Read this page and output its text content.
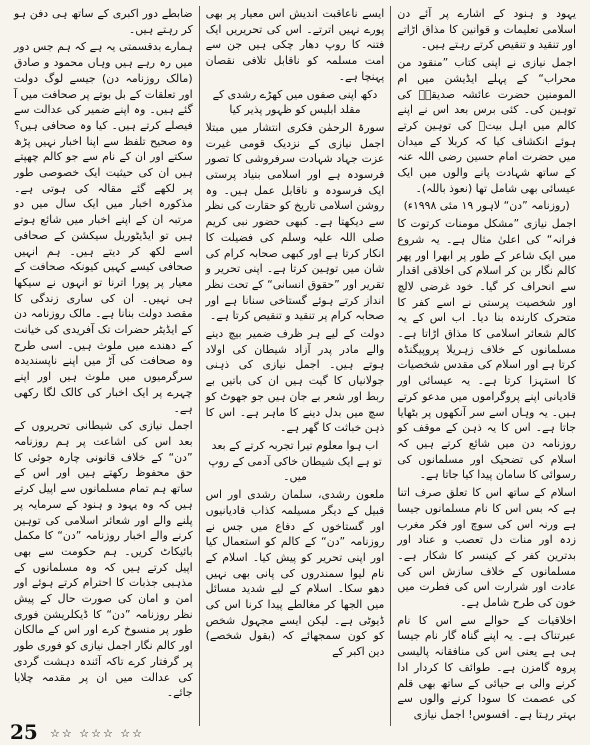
یہود و ہنود کے اشارے پر آئے دن اسلامی تعلیمات و قوانین کا مذاق اڑاتے اور تنقید و تنقیص کرتے رہتے ہیں۔

اجمل نیازی نے اپنی کتاب ”منقود من محراب“ کے پہلے ایڈیشن میں ام المومنین حضرت عائشہ صدیقہؓ کی توہین کی۔ کئی برس بعد اس نے اپنے کالم میں اہل بیتؓ کی توہین کرتے ہوئے انکشاف کیا کہ کربلا کے میدان میں حضرت امام حسین رضی اللہ عنہ کے ساتھ شہادت پانے والوں میں ایک عیسائی بھی شامل تھا (نعوذ باللہ)۔

(روزنامہ ”دن“ لاہور ۱۹ مئی ۱۹۹۸ء)

اجمل نیازی ”مشکل مومنات کرتوت کا فرانہ“ کی اعلیٰ مثال ہے۔ یہ شروع میں ایک شاعر کے طور پر ابھرا اور پھر کالم نگار بن کر اسلام کی اخلاقی اقدار سے انحراف کر گیا۔ خود غرضی لالچ اور شخصیت پرستی نے اسے کفر کا متحرک کارندہ بنا دیا۔ اب اس کے یہ کالم شعائر اسلامی کا مذاق اڑاتا ہے۔ مسلمانوں کے خلاف زہریلا پروپیگنڈہ کرتا ہے اور اسلام کی مقدس شخصیات کا استہزا کرتا ہے۔ یہ عیسائی اور قادیانی اپنے پروگراموں میں مدعو کرتے ہیں۔ یہ وہاں اسے سر آنکھوں پر بٹھایا جاتا ہے۔ اس کا یہ ذہن کے موقف کو روزنامہ دن میں شائع کرتے ہیں کہ اسلام کی تضحیک اور مسلمانوں کی رسوائی کا سامان پیدا کیا جاتا ہے۔

اسلام کے ساتھ اس کا تعلق صرف اتنا ہے کہ بس اس کا نام مسلمانوں جیسا ہے ورنہ اس کی سوچ اور فکر مغرب زدہ اور منات دل تعصب و عناد اور بدترین کفر کے کینسر کا شکار ہے۔ مسلمانوں کے خلاف سازش اس کی عادت اور شرارت اس کی فطرت میں خون کی طرح شامل ہے۔

اخلاقیات کے حوالے سے اس کا نام عبرتناک ہے۔ یہ اپنے گناہ گار نام جیسا ہی ہے یعنی اس کی منافقانہ پالیسی پروہ گامزن ہے۔ طوائف کا کردار ادا کرنے والی بے حیائی کے ساتھ بھی قلم کی عصمت کا سودا کرنے والوں سے بہتر رہتا ہے۔ افسوس! اجمل نیازی

ایسے ناعاقبت اندیش اس معیار پر بھی پورے نہیں اترتے۔ اس کی تحریریں ایک فتنہ کا روپ دھار چکی ہیں جن سے امت مسلمہ کو ناقابل تلافی نقصان پہنچا ہے۔

دکھ اپنی صفوں میں کھڑے رشدی کے مقلد ابلیس کو ظہور پذیر کیا

سورۃ الرحمٰن فکری انتشار میں مبتلا اجمل نیازی کے نزدیک قومی غیرت عزت جہاد شہادت سرفروشی کا تصور فرسودہ ہے اور اسلامی بنیاد پرستی ایک فرسودہ و ناقابل عمل ہیں۔ وہ روشن اسلامی تاریخ کو حقارت کی نظر سے دیکھتا ہے۔ کبھی حضور نبی کریم صلی اللہ علیہ وسلم کی فضیلت کا انکار کرتا ہے اور کبھی صحابہ کرام کی شان میں توہین کرتا ہے۔ اپنی تحریر و تقریر اور ”حقوق انسانی“ کے تحت نظر انداز کرتے ہوئے گستاخی سنانا ہے اور صحابہ کرام پر تنقید و تنقیص کرتا ہے۔

دولت کے لیے ہر ظرف ضمیر بیچ دینے والے مادر پدر آزاد شیطان کی اولاد ہوتے ہیں۔ اجمل نیازی کی ذہنی جولانیاں کا گیت ہیں ان کی باتیں بے ربط اور شعر بے جان ہیں جو جھوٹ کو سچ میں بدل دینے کا ماہر ہے۔ اس کا ذہن خباثت کا گھر ہے۔

اب ہوا معلوم تیرا تجربہ کرتے کے بعد تو ہے ایک شیطان خاکی آدمی کے روپ میں۔

ملعون رشدی، سلمان رشدی اور اس قبیل کے دیگر مسیلمہ کذاب قادیانیوں اور گستاخوں کے دفاع میں جس نے روزنامہ ”دن“ کے کالم کو استعمال کیا اور اپنی تحریر کو پیش کیا۔ اسلام کے نام لیوا سمندروں کی پانی بھی نہیں دھو سکا۔ اسلام کے لیے شدید مسائل میں الجھا کر مغالطے پیدا کرنا اس کی ڈیوٹی ہے۔ لیکن ایسے مجہول شخص کو کون سمجھائے کہ (بقول شخصے) دین اکبر کے

ضابطے دور اکبری کے ساتھ ہی دفن ہو کر رہتے ہیں۔

ہمارے بدقسمتی یہ ہے کہ ہم جس دور میں رہ رہے ہیں وہاں محمود و صادق (مالک روزنامہ دن) جیسے لوگ دولت اور تعلقات کے بل بوتے پر صحافت میں آ گئے ہیں۔ وہ اپنے ضمیر کی عدالت سے فیصلے کرتے ہیں۔ کیا وہ صحافی ہیں؟ وہ صحیح تلفظ سے اپنا اخبار نہیں پڑھ سکتے اور ان کے نام سے جو کالم چھپتے ہیں ان کی حیثیت ایک خصوصی طور پر لکھے گئے مقالہ کی ہوتی ہے۔ مذکورہ اخبار میں ایک سال میں دو مرتبہ ان کے اپنے اخبار میں شائع ہوتے ہیں تو ایڈیٹوریل سیکشن کے صحافی اسے لکھ کر دیتے ہیں۔ ہم انہیں صحافی کیسے کہیں کیونکہ صحافت کے معیار پر پورا اترنا تو انہوں نے سیکھا ہی نہیں۔ ان کی ساری زندگی کا مقصد دولت بنانا ہے۔ مالک روزنامہ دن کے ایڈیٹر حضرات تک آفریدی کی خیانت کے دھندے میں ملوث ہیں۔ اسی طرح وہ صحافت کی آڑ میں اپنے ناپسندیدہ سرگرمیوں میں ملوث ہیں اور اپنے چہرے پر ایک اخبار کی کالک لگا رکھی ہے۔

اجمل نیازی کی شیطانی تحریروں کے بعد اس کی اشاعت پر ہم روزنامہ ”دن“ کے خلاف قانونی چارہ جوئی کا حق محفوظ رکھتے ہیں اور اس کے ساتھ ہم تمام مسلمانوں سے اپیل کرتے ہیں کہ وہ یہود و ہنود کے سرمایہ پر پلنے والے اور شعائر اسلامی کی توہین کرنے والے اخبار روزنامہ ”دن“ کا مکمل بائیکاٹ کریں۔ ہم حکومت سے بھی اپیل کرتے ہیں کہ وہ مسلمانوں کے مذہبی جذبات کا احترام کرتے ہوئے اور امن و امان کی صورت حال کے پیش نظر روزنامہ ”دن“ کا ڈیکلریشن فوری طور پر منسوخ کرے اور اس کے مالکان اور کالم نگار اجمل نیازی کو فوری طور پر گرفتار کرے تاکہ آئندہ دہشت گردی کی عدالت میں ان پر مقدمہ چلایا جائے۔

☆☆ ☆☆☆ ☆☆
25
